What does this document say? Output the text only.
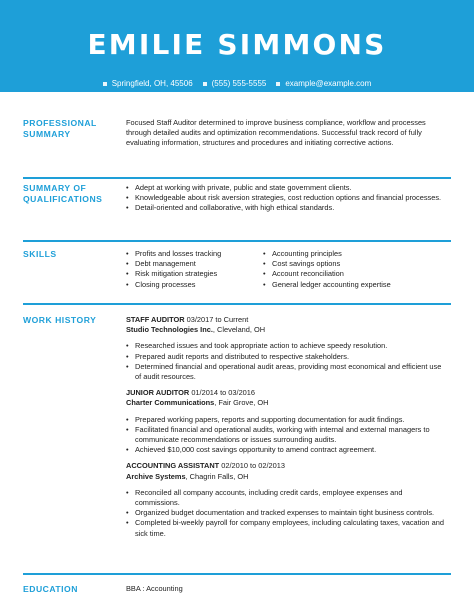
EMILIE SIMMONS
Springfield, OH, 45506 (555) 555-5555 example@example.com
PROFESSIONAL SUMMARY
Focused Staff Auditor determined to improve business compliance, workflow and processes through detailed audits and optimization recommendations. Successful track record of fully evaluating information, structures and procedures and initiating corrective actions.
SUMMARY OF QUALIFICATIONS
• Adept at working with private, public and state government clients.
• Knowledgeable about risk aversion strategies, cost reduction options and financial processes.
• Detail-oriented and collaborative, with high ethical standards.
SKILLS
•	Profits and losses tracking
• Debt management
• Risk mitigation strategies
• Closing processes
• Accounting principles
• Cost savings options
• Account reconciliation
• General ledger accounting expertise
WORK HISTORY	STAFF AUDITOR 03/2017 to Current
Studio Technologies Inc., Cleveland, OH
• Researched issues and took appropriate action to achieve speedy resolution.
• Prepared audit reports and distributed to respective stakeholders.
• Determined financial and operational audit areas, providing most economical and efficient use of audit resources.
JUNIOR AUDITOR 01/2014 to 03/2016
Charter Communications, Fair Grove, OH
• Prepared working papers, reports and supporting documentation for audit findings.
• Facilitated financial and operational audits, working with internal and external managers to communicate recommendations or issues surrounding audits.
• Achieved $10,000 cost savings opportunity to amend contract agreement.
ACCOUNTING ASSISTANT 02/2010 to 02/2013
Archive Systems, Chagrin Falls, OH
• Reconciled all company accounts, including credit cards, employee expenses and commissions.
• Organized budget documentation and tracked expenses to maintain tight business controls.
• Completed bi-weekly payroll for company employees, including calculating taxes, vacation and sick time.
EDUCATION	BBA : Accounting
